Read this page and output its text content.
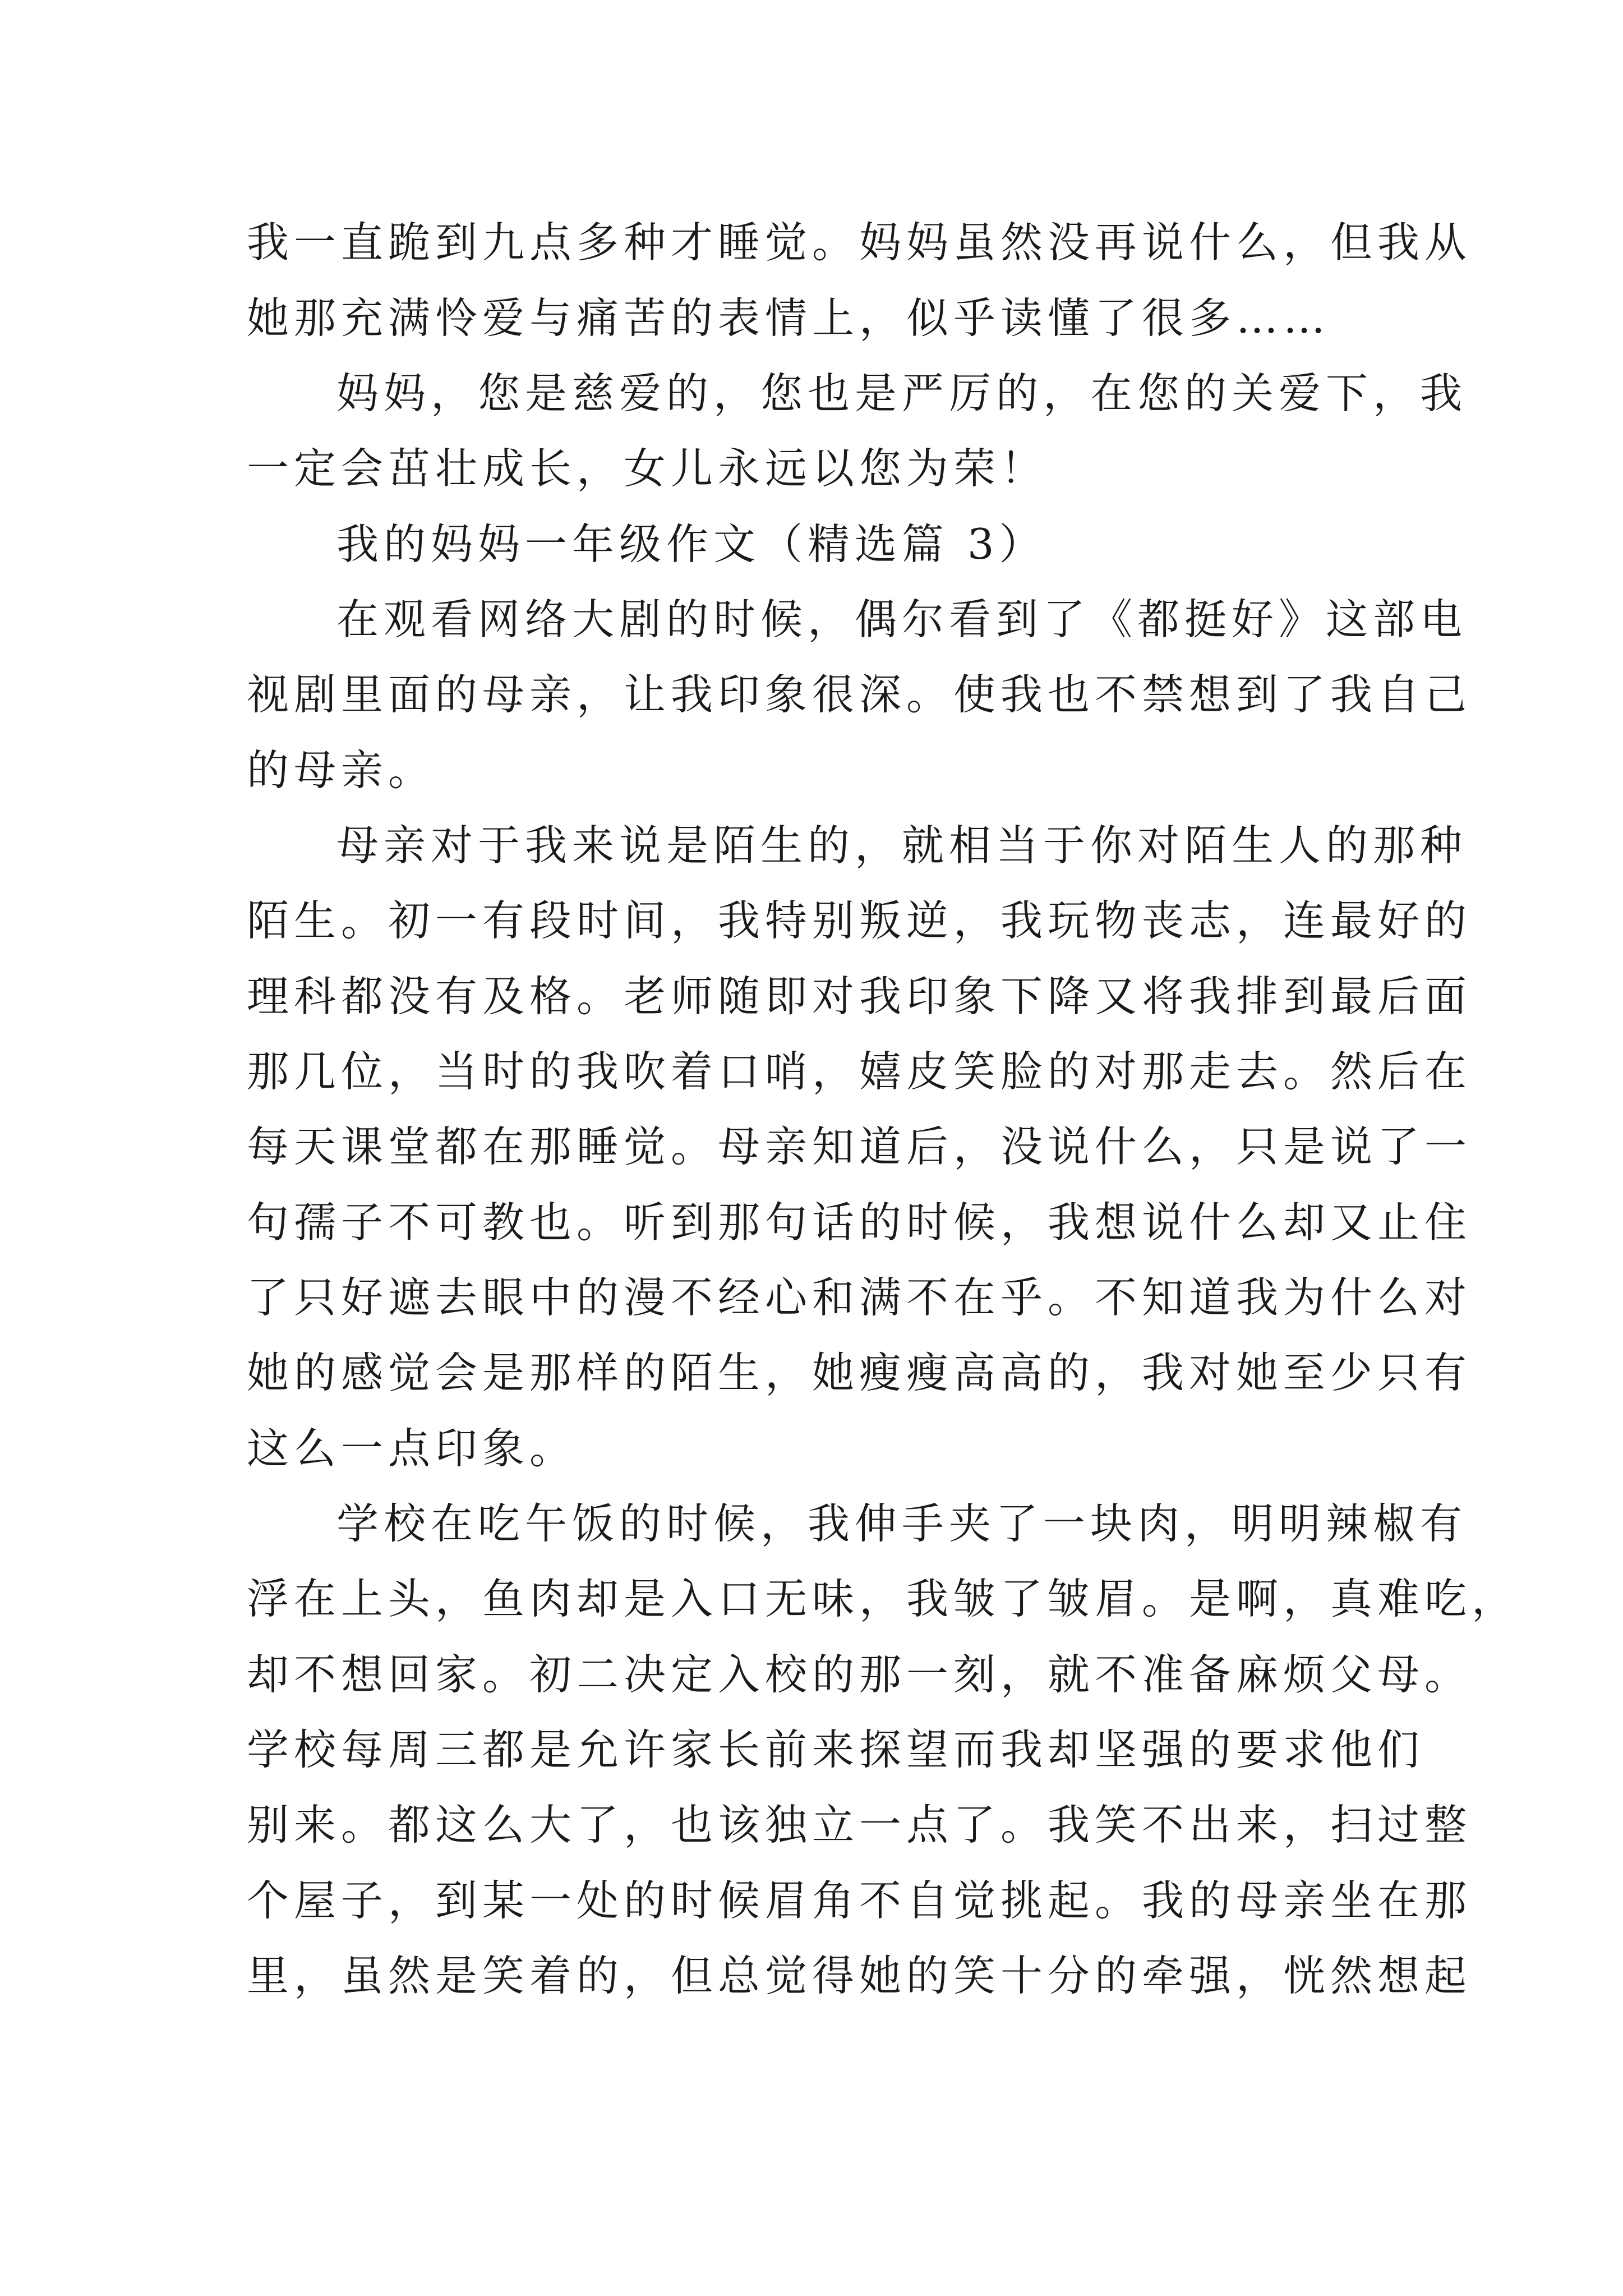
我一直跪到九点多种才睡觉。妈妈虽然没再说什么，但我从
她那充满怜爱与痛苦的表情上，似乎读懂了很多……
妈妈，您是慈爱的，您也是严厉的，在您的关爱下，我
一定会茁壮成长，女儿永远以您为荣！
我的妈妈一年级作文（精选篇 3）
在观看网络大剧的时候，偶尔看到了《都挺好》这部电
视剧里面的母亲，让我印象很深。使我也不禁想到了我自己
的母亲。
母亲对于我来说是陌生的，就相当于你对陌生人的那种
陌生。初一有段时间，我特别叛逆，我玩物丧志，连最好的
理科都没有及格。老师随即对我印象下降又将我排到最后面
那几位，当时的我吹着口哨，嬉皮笑脸的对那走去。然后在
每天课堂都在那睡觉。母亲知道后，没说什么，只是说了一
句孺子不可教也。听到那句话的时候，我想说什么却又止住
了只好遮去眼中的漫不经心和满不在乎。不知道我为什么对
她的感觉会是那样的陌生，她瘦瘦高高的，我对她至少只有
这么一点印象。
学校在吃午饭的时候，我伸手夹了一块肉，明明辣椒有
浮在上头，鱼肉却是入口无味，我皱了皱眉。是啊，真难吃，
却不想回家。初二决定入校的那一刻，就不准备麻烦父母。
学校每周三都是允许家长前来探望而我却坚强的要求他们
别来。都这么大了，也该独立一点了。我笑不出来，扫过整
个屋子，到某一处的时候眉角不自觉挑起。我的母亲坐在那
里，虽然是笑着的，但总觉得她的笑十分的牵强，恍然想起
